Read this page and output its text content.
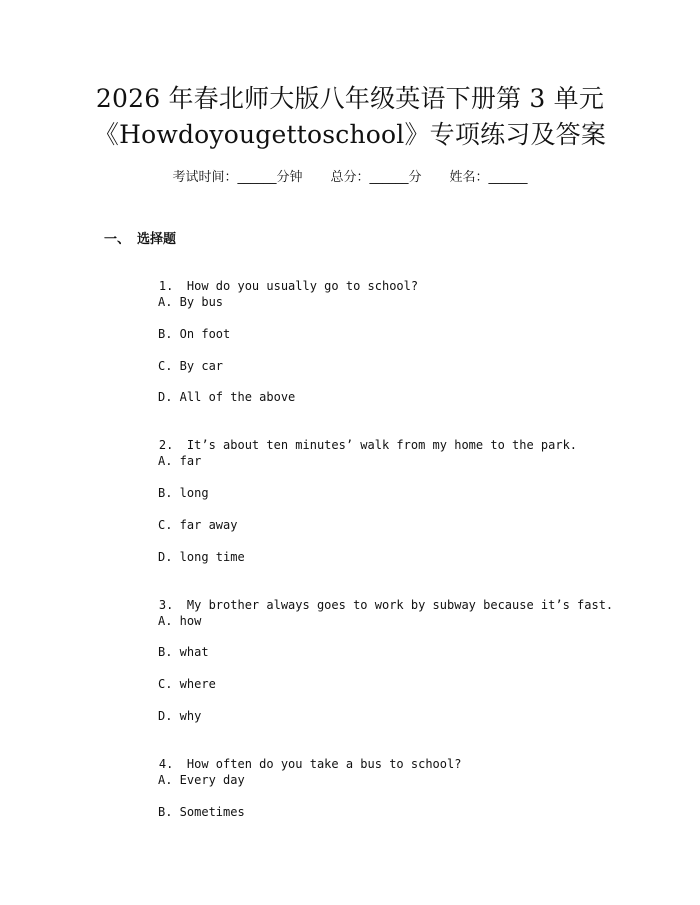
2026 年春北师大版八年级英语下册第 3 单元
《Howdoyougettoschool》专项练习及答案
考试时间：______分钟 总分：______分 姓名：______
一、 选择题

1. How do you usually go to school?

A. By bus
B. On foot
C. By car
D. All of the above

2. It’s about ten minutes’ walk from my home to the park.

A. far
B. long
C. far away
D. long time

3. My brother always goes to work by subway because it’s fast.

A. how
B. what
C. where
D. why

4. How often do you take a bus to school?

A. Every day
B. Sometimes
